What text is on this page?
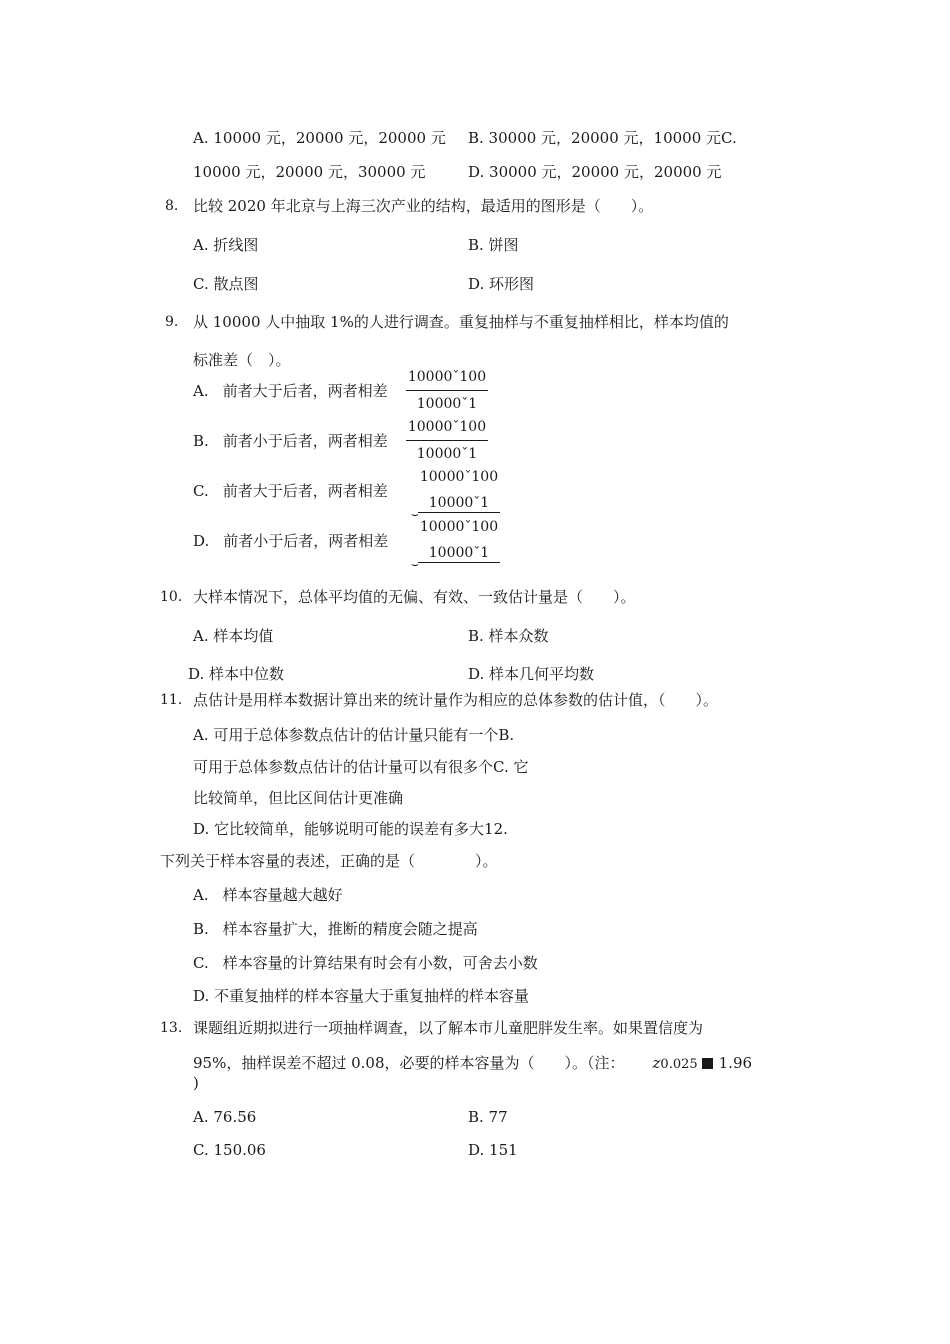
A. 10000 元，20000 元，20000 元 B. 30000 元，20000 元，10000 元C.
10000 元，20000 元，30000 元	D. 30000 元，20000 元，20000 元
8. 比较 2020 年北京与上海三次产业的结构，最适用的图形是（　　）。
A. 折线图	B. 饼图
C. 散点图	D. 环形图
9. 从 10000 人中抽取 1%的人进行调查。重复抽样与不重复抽样相比，样本均值的
标准差（　）。
A. 前者大于后者，两者相差
10000ˇ100
10000ˇ1
B. 前者小于后者，两者相差
10000ˇ100
10000ˇ1
C. 前者大于后者，两者相差
⌣
10000ˇ100
10000ˇ1
D. 前者小于后者，两者相差
⌣
10000ˇ100
10000ˇ1
10. 大样本情况下，总体平均值的无偏、有效、一致估计量是（　　）。
A. 样本均值	B. 样本众数
D. 样本中位数	D. 样本几何平均数
11. 点估计是用样本数据计算出来的统计量作为相应的总体参数的估计值，（　　）。
A. 可用于总体参数点估计的估计量只能有一个B.
可用于总体参数点估计的估计量可以有很多个C. 它
比较简单，但比区间估计更准确
D. 它比较简单，能够说明可能的误差有多大12.
下列关于样本容量的表述，正确的是（　　　　）。
A. 样本容量越大越好
B. 样本容量扩大，推断的精度会随之提高
C. 样本容量的计算结果有时会有小数，可舍去小数
D. 不重复抽样的样本容量大于重复抽样的样本容量
13. 课题组近期拟进行一项抽样调查，以了解本市儿童肥胖发生率。如果置信度为
95%，抽样误差不超过 0.08，必要的样本容量为（　　）。（注： z0.025 1.96
)
A. 76.56	B. 77
C. 150.06	D. 151
